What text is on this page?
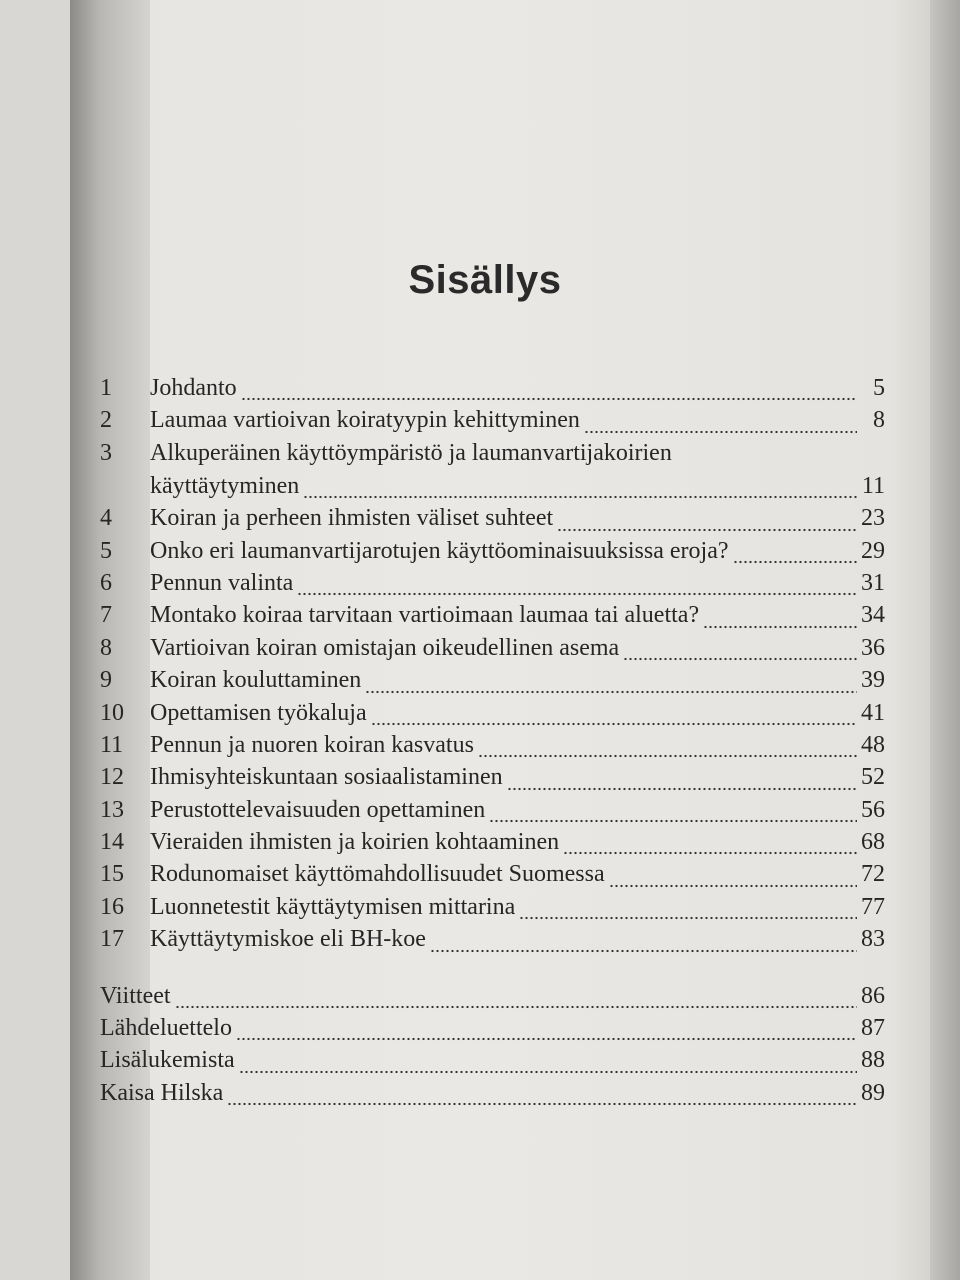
Sisällys
1	Johdanto	5
2	Laumaa vartioivan koiratyypin kehittyminen	8
3	Alkuperäinen käyttöympäristö ja laumanvartijakoirien
käyttäytyminen	11
4	Koiran ja perheen ihmisten väliset suhteet	23
5	Onko eri laumanvartijarotujen käyttöominaisuuksissa eroja?	29
6	Pennun valinta	31
7	Montako koiraa tarvitaan vartioimaan laumaa tai aluetta?	34
8	Vartioivan koiran omistajan oikeudellinen asema	36
9	Koiran kouluttaminen	39
10	Opettamisen työkaluja	41
11	Pennun ja nuoren koiran kasvatus	48
12	Ihmisyhteiskuntaan sosiaalistaminen	52
13	Perustottelevaisuuden opettaminen	56
14	Vieraiden ihmisten ja koirien kohtaaminen	68
15	Rodunomaiset käyttömahdollisuudet Suomessa	72
16	Luonnetestit käyttäytymisen mittarina	77
17	Käyttäytymiskoe eli BH-koe	83
Viitteet	86
Lähdeluettelo	87
Lisälukemista	88
Kaisa Hilska	89
